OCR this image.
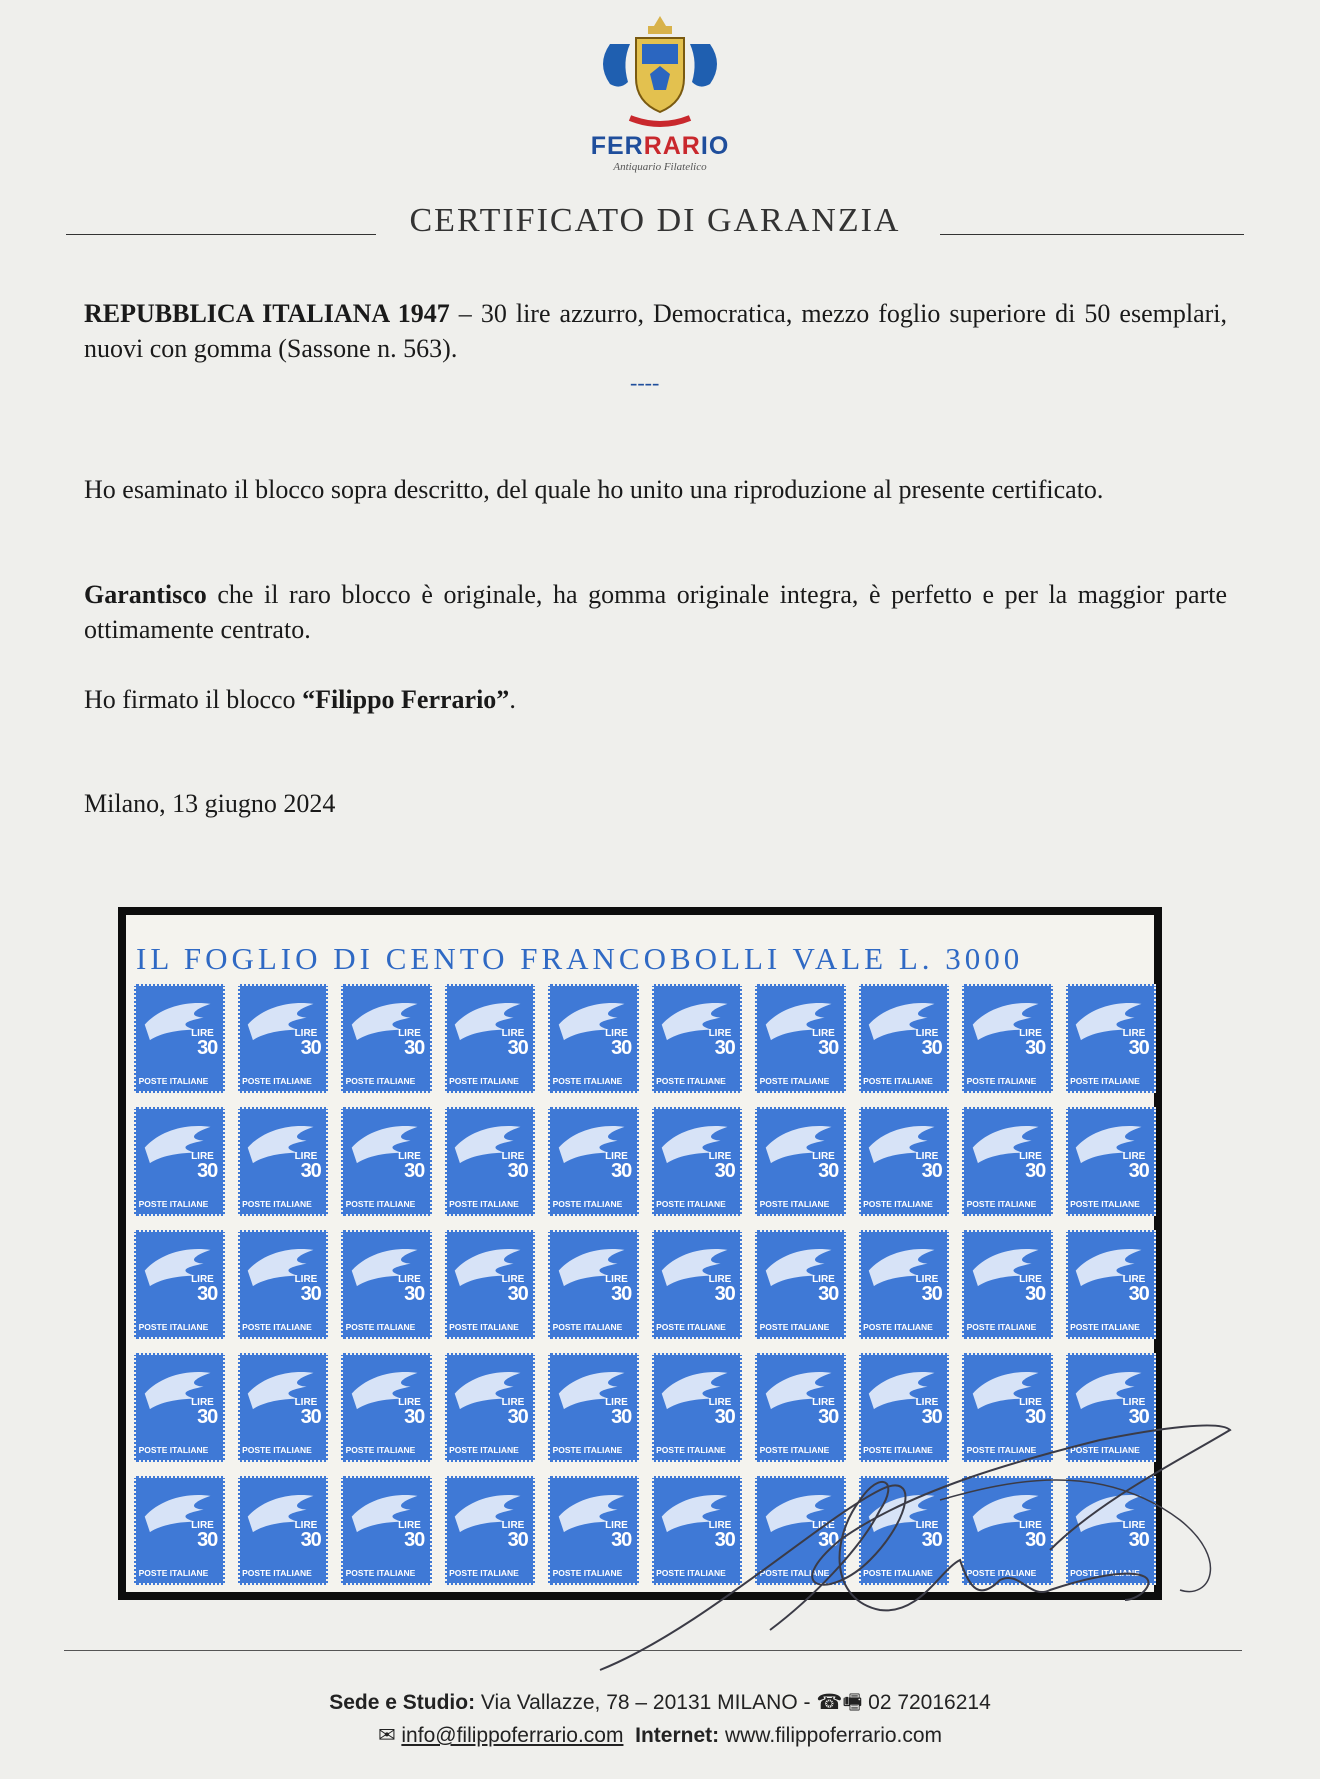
FERRARIO
Antiquario Filatelico
CERTIFICATO DI GARANZIA
REPUBBLICA ITALIANA 1947 – 30 lire azzurro, Democratica, mezzo foglio superiore di 50 esemplari, nuovi con gomma (Sassone n. 563).
----
Ho esaminato il blocco sopra descritto, del quale ho unito una riproduzione al presente certificato.
Garantisco che il raro blocco è originale, ha gomma originale integra, è perfetto e per la maggior parte ottimamente centrato.
Ho firmato il blocco “Filippo Ferrario”.
Milano, 13 giugno 2024
IL FOGLIO DI CENTO FRANCOBOLLI VALE L. 3000
LIRE
30
POSTE ITALIANE
LIRE
30
POSTE ITALIANE
LIRE
30
POSTE ITALIANE
LIRE
30
POSTE ITALIANE
LIRE
30
POSTE ITALIANE
LIRE
30
POSTE ITALIANE
LIRE
30
POSTE ITALIANE
LIRE
30
POSTE ITALIANE
LIRE
30
POSTE ITALIANE
LIRE
30
POSTE ITALIANE
LIRE
30
POSTE ITALIANE
LIRE
30
POSTE ITALIANE
LIRE
30
POSTE ITALIANE
LIRE
30
POSTE ITALIANE
LIRE
30
POSTE ITALIANE
LIRE
30
POSTE ITALIANE
LIRE
30
POSTE ITALIANE
LIRE
30
POSTE ITALIANE
LIRE
30
POSTE ITALIANE
LIRE
30
POSTE ITALIANE
LIRE
30
POSTE ITALIANE
LIRE
30
POSTE ITALIANE
LIRE
30
POSTE ITALIANE
LIRE
30
POSTE ITALIANE
LIRE
30
POSTE ITALIANE
LIRE
30
POSTE ITALIANE
LIRE
30
POSTE ITALIANE
LIRE
30
POSTE ITALIANE
LIRE
30
POSTE ITALIANE
LIRE
30
POSTE ITALIANE
LIRE
30
POSTE ITALIANE
LIRE
30
POSTE ITALIANE
LIRE
30
POSTE ITALIANE
LIRE
30
POSTE ITALIANE
LIRE
30
POSTE ITALIANE
LIRE
30
POSTE ITALIANE
LIRE
30
POSTE ITALIANE
LIRE
30
POSTE ITALIANE
LIRE
30
POSTE ITALIANE
LIRE
30
POSTE ITALIANE
LIRE
30
POSTE ITALIANE
LIRE
30
POSTE ITALIANE
LIRE
30
POSTE ITALIANE
LIRE
30
POSTE ITALIANE
LIRE
30
POSTE ITALIANE
LIRE
30
POSTE ITALIANE
LIRE
30
POSTE ITALIANE
LIRE
30
POSTE ITALIANE
LIRE
30
POSTE ITALIANE
LIRE
30
POSTE ITALIANE
Sede e Studio: Via Vallazze, 78 – 20131 MILANO - ☎🖷 02 72016214
✉ info@filippoferrario.com Internet: www.filippoferrario.com
